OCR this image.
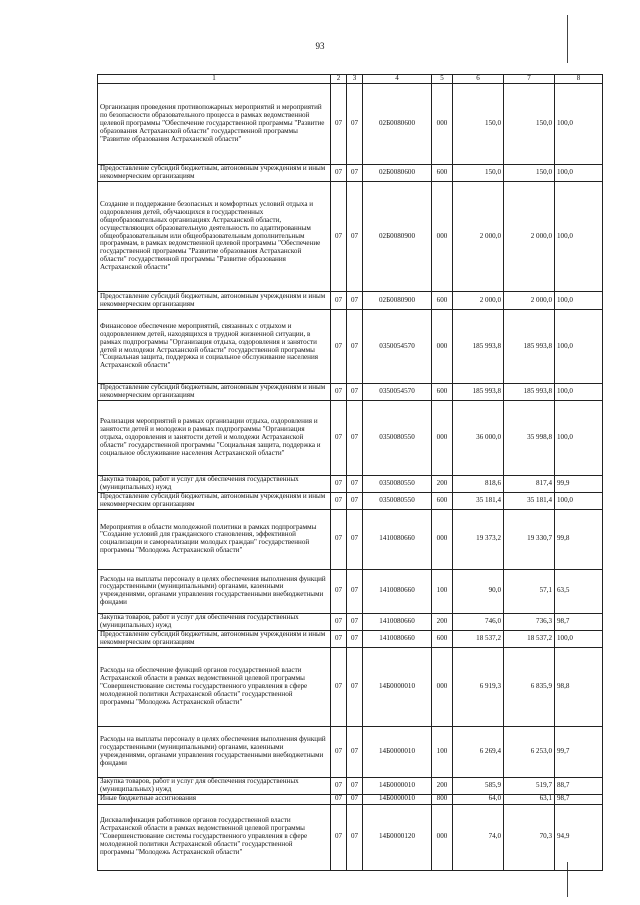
93
1	2	3	4	5	6	7	8
Организация проведения противопожарных мероприятий и мероприятий по безопасности образовательного процесса в рамках ведомственной целевой программы "Обеспечение государственной программы "Развитие образования Астраханской области" государственной программы "Развитие образования Астраханской области"	07	07	02Б0080600	000	150,0	150,0	100,0
Предоставление субсидий бюджетным, автономным учреждениям и иным некоммерческим организациям	07	07	02Б0080600	600	150,0	150,0	100,0
Создание и поддержание безопасных и комфортных условий отдыха и оздоровления детей, обучающихся в государственных общеобразовательных организациях Астраханской области, осуществляющих образовательную деятельность по адаптированным общеобразовательным или общеобразовательным дополнительным программам, в рамках ведомственной целевой программы "Обеспечение государственной программы "Развитие образования Астраханской области" государственной программы "Развитие образования Астраханской области"	07	07	02Б0080900	000	2 000,0	2 000,0	100,0
Предоставление субсидий бюджетным, автономным учреждениям и иным некоммерческим организациям	07	07	02Б0080900	600	2 000,0	2 000,0	100,0
Финансовое обеспечение мероприятий, связанных с отдыхом и оздоровлением детей, находящихся в трудной жизненной ситуации, в рамках подпрограммы "Организация отдыха, оздоровления и занятости детей и молодежи Астраханской области" государственной программы "Социальная защита, поддержка и социальное обслуживание населения Астраханской области"	07	07	0350054570	000	185 993,8	185 993,8	100,0
Предоставление субсидий бюджетным, автономным учреждениям и иным некоммерческим организациям	07	07	0350054570	600	185 993,8	185 993,8	100,0
Реализация мероприятий в рамках организации отдыха, оздоровления и занятости детей и молодежи в рамках подпрограммы "Организация отдыха, оздоровления и занятости детей и молодежи Астраханской области" государственной программы "Социальная защита, поддержка и социальное обслуживание населения Астраханской области"	07	07	0350080550	000	36 000,0	35 998,8	100,0
Закупка товаров, работ и услуг для обеспечения государственных (муниципальных) нужд	07	07	0350080550	200	818,6	817,4	99,9
Предоставление субсидий бюджетным, автономным учреждениям и иным некоммерческим организациям	07	07	0350080550	600	35 181,4	35 181,4	100,0
Мероприятия в области молодежной политики в рамках подпрограммы "Создание условий для гражданского становления, эффективной социализации и самореализации молодых граждан" государственной программы "Молодежь Астраханской области"	07	07	1410080660	000	19 373,2	19 330,7	99,8
Расходы на выплаты персоналу в целях обеспечения выполнения функций государственными (муниципальными) органами, казенными учреждениями, органами управления государственными внебюджетными фондами	07	07	1410080660	100	90,0	57,1	63,5
Закупка товаров, работ и услуг для обеспечения государственных (муниципальных) нужд	07	07	1410080660	200	746,0	736,3	98,7
Предоставление субсидий бюджетным, автономным учреждениям и иным некоммерческим организациям	07	07	1410080660	600	18 537,2	18 537,2	100,0
Расходы на обеспечение функций органов государственной власти Астраханской области в рамках ведомственной целевой программы "Совершенствование системы государственного управления в сфере молодежной политики Астраханской области" государственной программы "Молодежь Астраханской области"	07	07	14Б0000010	000	6 919,3	6 835,9	98,8
Расходы на выплаты персоналу в целях обеспечения выполнения функций государственными (муниципальными) органами, казенными учреждениями, органами управления государственными внебюджетными фондами	07	07	14Б0000010	100	6 269,4	6 253,0	99,7
Закупка товаров, работ и услуг для обеспечения государственных (муниципальных) нужд	07	07	14Б0000010	200	585,9	519,7	88,7
Иные бюджетные ассигнования	07	07	14Б0000010	800	64,0	63,1	98,7
Дисквалификация работников органов государственной власти Астраханской области в рамках ведомственной целевой программы "Совершенствование системы государственного управления в сфере молодежной политики Астраханской области" государственной программы "Молодежь Астраханской области"	07	07	14Б0000120	000	74,0	70,3	94,9
